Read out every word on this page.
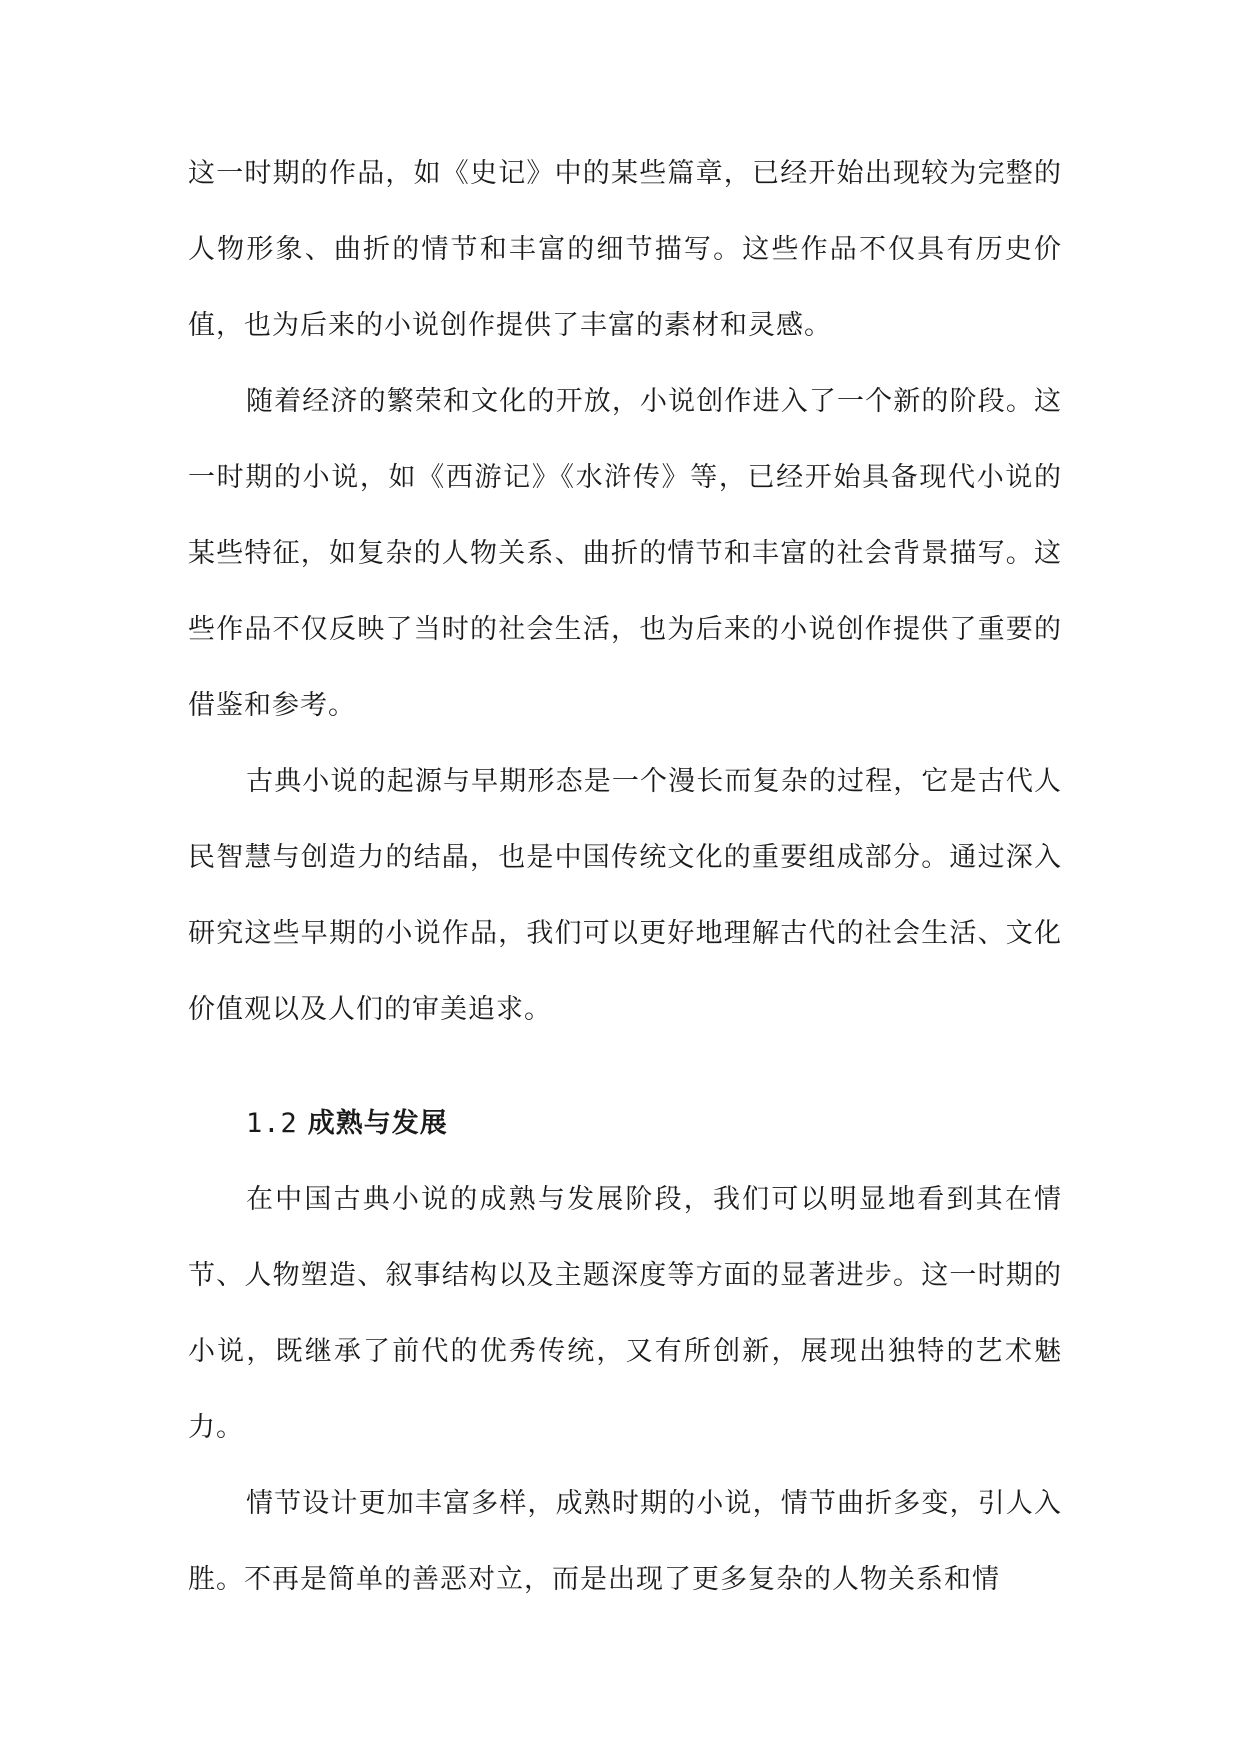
这一时期的作品，如《史记》中的某些篇章，已经开始出现较为完整的人物形象、曲折的情节和丰富的细节描写。这些作品不仅具有历史价值，也为后来的小说创作提供了丰富的素材和灵感。

随着经济的繁荣和文化的开放，小说创作进入了一个新的阶段。这一时期的小说，如《西游记》《水浒传》等，已经开始具备现代小说的某些特征，如复杂的人物关系、曲折的情节和丰富的社会背景描写。这些作品不仅反映了当时的社会生活，也为后来的小说创作提供了重要的借鉴和参考。

古典小说的起源与早期形态是一个漫长而复杂的过程，它是古代人民智慧与创造力的结晶，也是中国传统文化的重要组成部分。通过深入研究这些早期的小说作品，我们可以更好地理解古代的社会生活、文化价值观以及人们的审美追求。

1.2 成熟与发展

在中国古典小说的成熟与发展阶段，我们可以明显地看到其在情节、人物塑造、叙事结构以及主题深度等方面的显著进步。这一时期的小说，既继承了前代的优秀传统，又有所创新，展现出独特的艺术魅力。

情节设计更加丰富多样，成熟时期的小说，情节曲折多变，引人入胜。不再是简单的善恶对立，而是出现了更多复杂的人物关系和情
